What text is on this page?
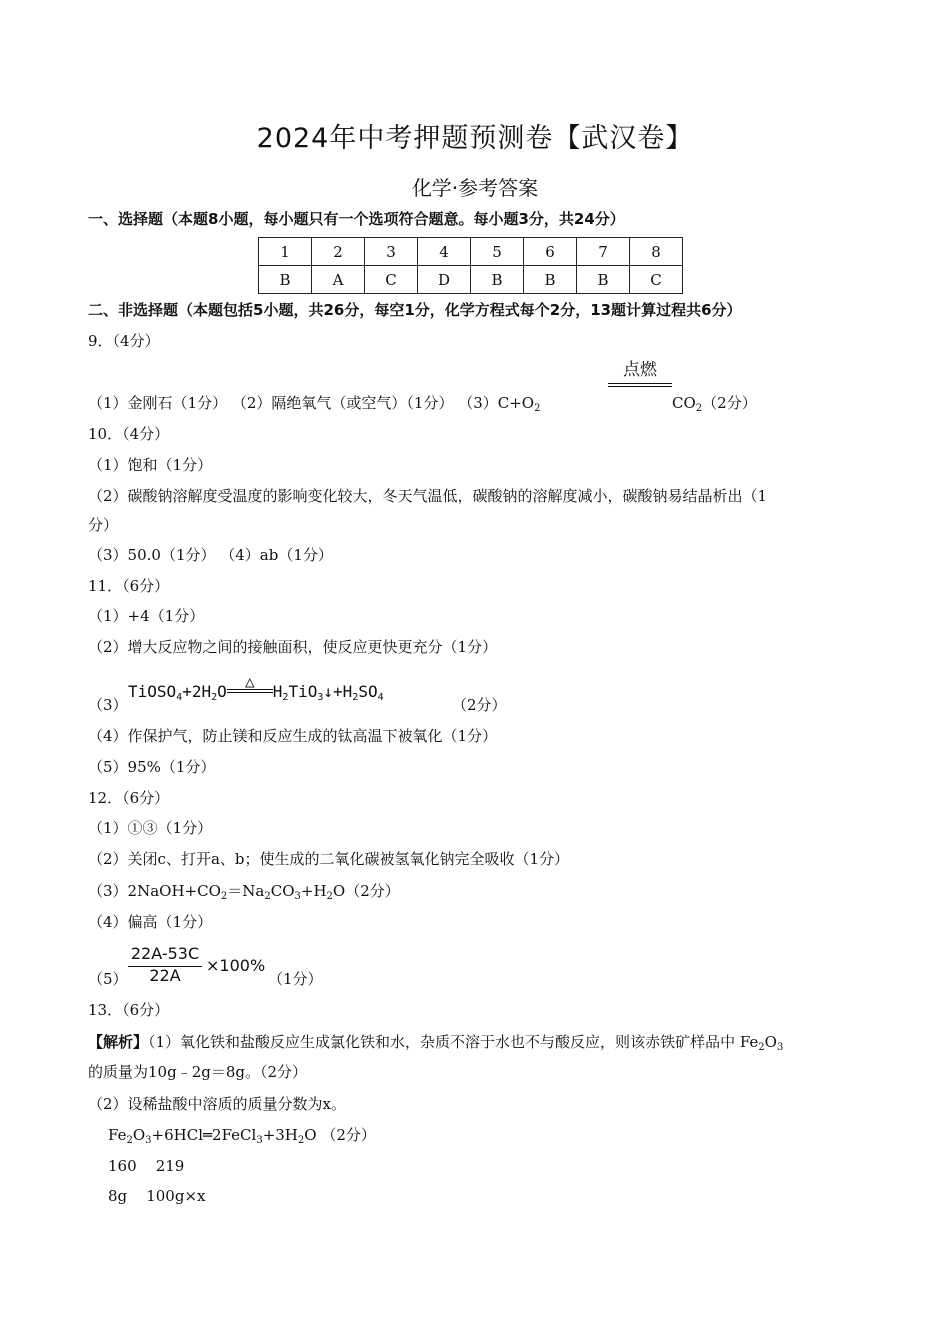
2024年中考押题预测卷【武汉卷】
化学·参考答案
一、选择题（本题8小题，每小题只有一个选项符合题意。每小题3分，共24分）
1	2	3	4	5	6	7	8
B	A	C	D	B	B	B	C
二、非选择题（本题包括5小题，共26分，每空1分，化学方程式每个2分，13题计算过程共6分）
9．（4分）
点燃
（1）金刚石（1分） （2）隔绝氧气（或空气）（1分） $(3)C+O_2$	$CO_2(2$分）
10．（4分）
（1）饱和（1分）
（2）碳酸钠溶解度受温度的影响变化较大，冬天气温低，碳酸钠的溶解度减小，碳酸钠易结晶析出（1
分）
（3）50.0（1分） （4）ab（1分）
11．（6分）
（1）+4（1分）
（2）增大反应物之间的接触面积，使反应更快更充分（1分）
（3）
$TiOSO_4+2H_2O$
△
$H_2TiO_3↓+H_2SO_4$	（2分）
（4）作保护气，防止镁和反应生成的钛高温下被氧化（1分）
（5）95%（1分）
12．（6分）
（1）①③（1分）
（2）关闭c、打开a、b；使生成的二氧化碳被氢氧化钠完全吸收（1分）
$(3)2NaOH+CO_2=Na_2CO_3+H_2O(2$分）
（4）偏高（1分）
（5）
22A-53C
22A
×100%
（1分）
13．（6分）
【解析】（1）氧化铁和盐酸反应生成氯化铁和水，杂质不溶于水也不与酸反应，则该赤铁矿样品中 $Fe_2O_3$
的质量为10g﹣2g＝8g。（2分）
（2）设稀盐酸中溶质的质量分数为x。
$Fe_2O_3+6HCl═2FeCl_3+3H_2O$ （2分）
160    219
8g    100g×x
